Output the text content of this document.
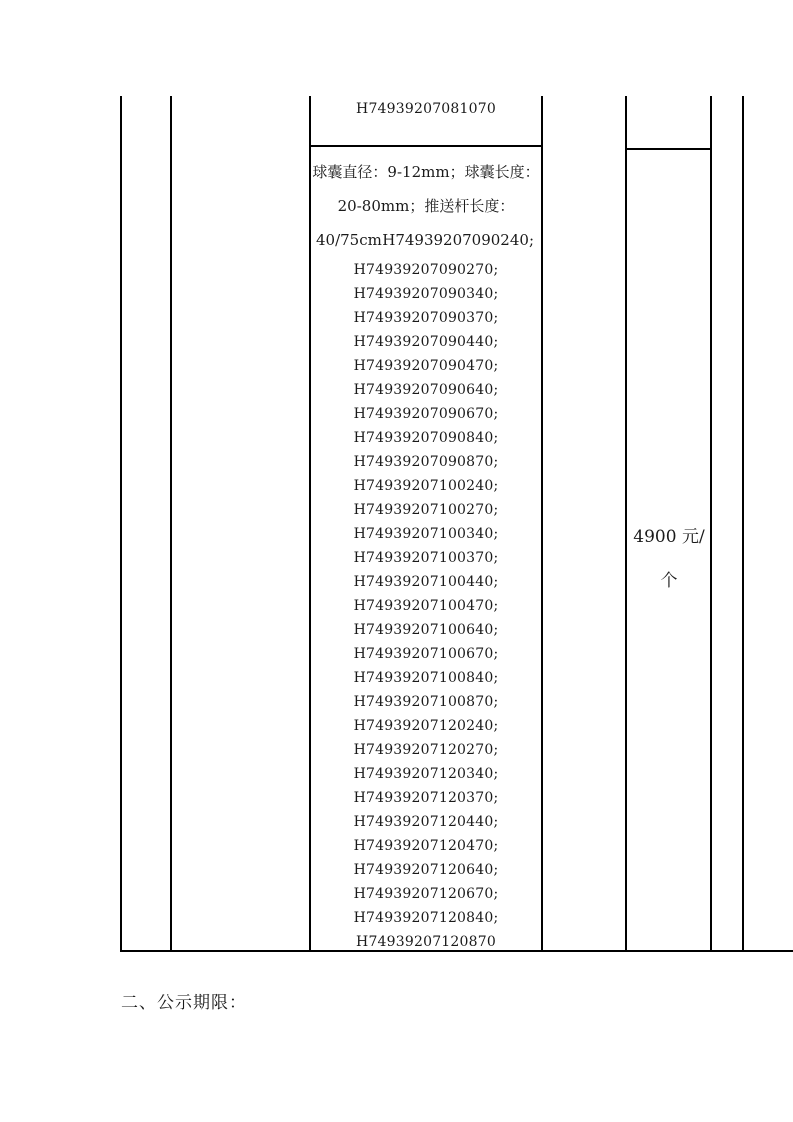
H74939207081070
球囊直径：9-12mm；球囊长度：
20-80mm；推送杆长度：
40/75cm H74939207090240;
H74939207090270;
H74939207090340;
H74939207090370;
H74939207090440;
H74939207090470;
H74939207090640;
H74939207090670;
H74939207090840;
H74939207090870;
H74939207100240;
H74939207100270;
H74939207100340;
H74939207100370;
H74939207100440;
H74939207100470;
H74939207100640;
H74939207100670;
H74939207100840;
H74939207100870;
H74939207120240;
H74939207120270;
H74939207120340;
H74939207120370;
H74939207120440;
H74939207120470;
H74939207120640;
H74939207120670;
H74939207120840;
H74939207120870
4900 元/
个
二、公示期限：
